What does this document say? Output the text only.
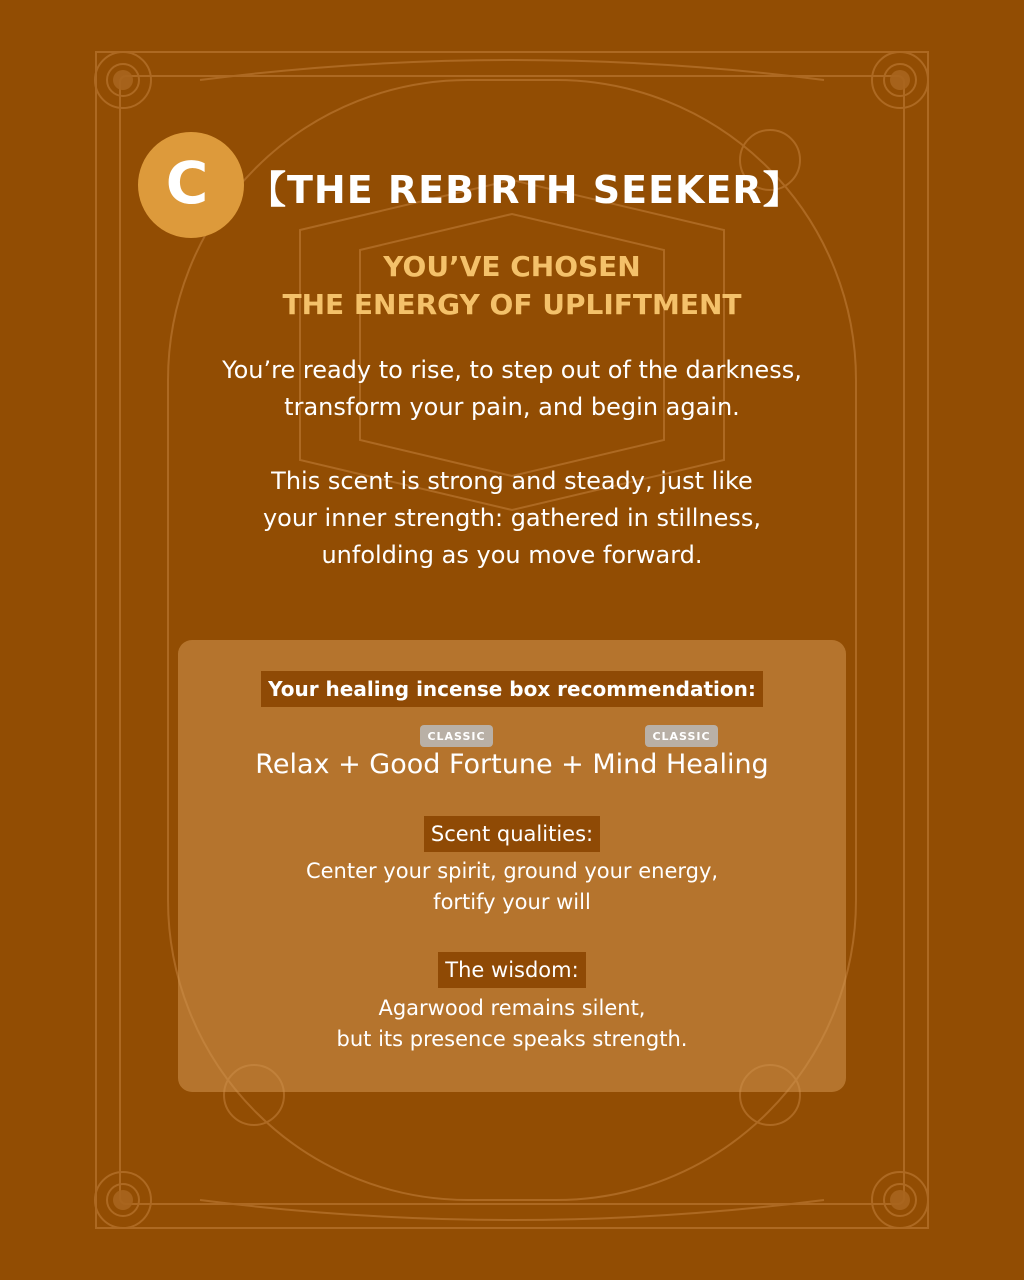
C 【THE REBIRTH SEEKER】
YOU’VE CHOSEN
THE ENERGY OF UPLIFTMENT
You’re ready to rise, to step out of the darkness,
transform your pain, and begin again.
This scent is strong and steady, just like
your inner strength: gathered in stillness,
unfolding as you move forward.
Your healing incense box recommendation:
CLASSIC	CLASSIC
Relax + Good Fortune + Mind Healing
Scent qualities:
Center your spirit, ground your energy,
fortify your will
The wisdom:
Agarwood remains silent,
but its presence speaks strength.
